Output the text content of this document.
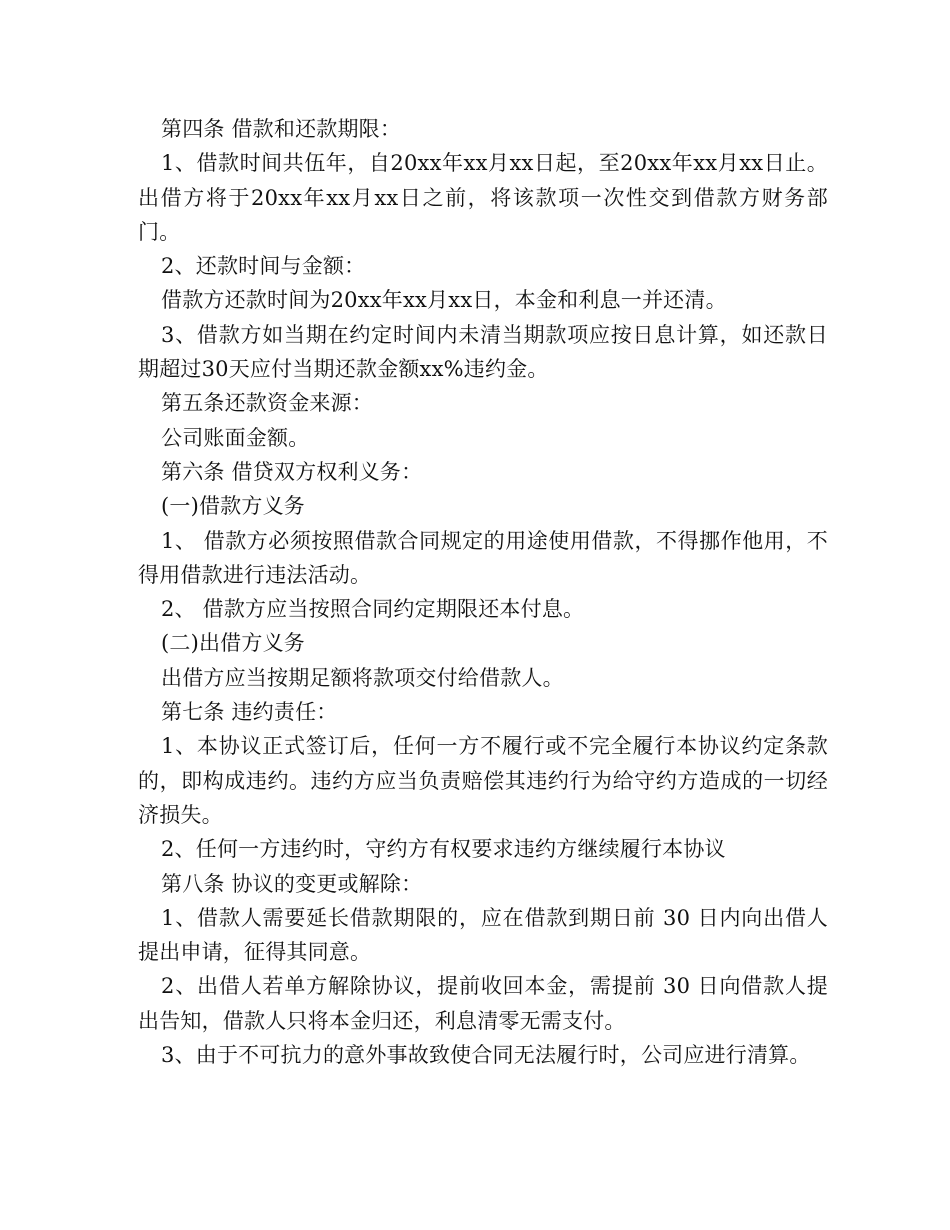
第四条 借款和还款期限：

1、借款时间共伍年，自20xx年xx月xx日起，至20xx年xx月xx日止。出借方将于20xx年xx月xx日之前，将该款项一次性交到借款方财务部门。

2、还款时间与金额：

借款方还款时间为20xx年xx月xx日，本金和利息一并还清。

3、借款方如当期在约定时间内未清当期款项应按日息计算，如还款日期超过30天应付当期还款金额xx%违约金。

第五条还款资金来源：

公司账面金额。

第六条 借贷双方权利义务：

(一)借款方义务

1、 借款方必须按照借款合同规定的用途使用借款，不得挪作他用，不得用借款进行违法活动。

2、 借款方应当按照合同约定期限还本付息。

(二)出借方义务

出借方应当按期足额将款项交付给借款人。

第七条 违约责任：

1、本协议正式签订后，任何一方不履行或不完全履行本协议约定条款的，即构成违约。违约方应当负责赔偿其违约行为给守约方造成的一切经济损失。

2、任何一方违约时，守约方有权要求违约方继续履行本协议

第八条 协议的变更或解除：

1、借款人需要延长借款期限的，应在借款到期日前 30 日内向出借人提出申请，征得其同意。

2、出借人若单方解除协议，提前收回本金，需提前 30 日向借款人提出告知，借款人只将本金归还，利息清零无需支付。

3、由于不可抗力的意外事故致使合同无法履行时，公司应进行清算。
